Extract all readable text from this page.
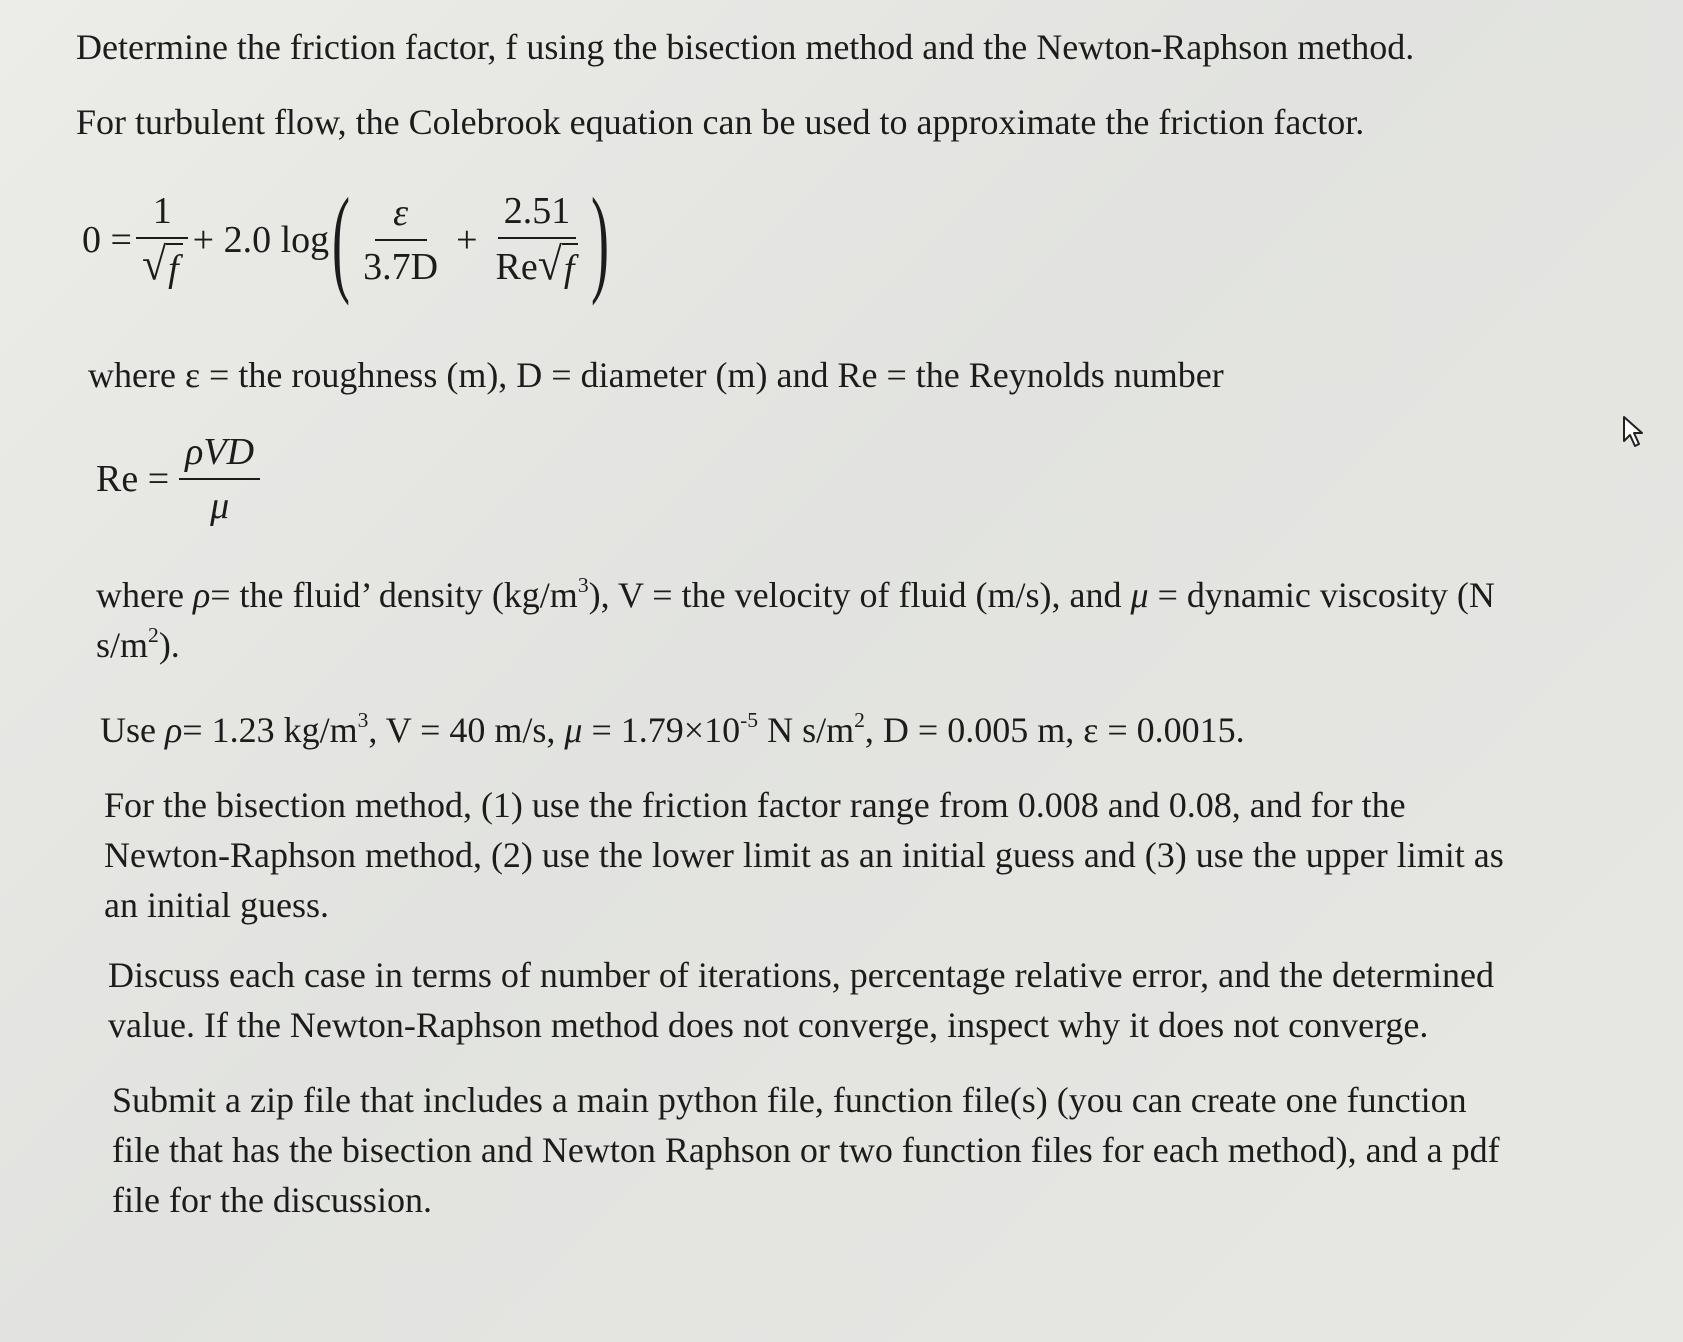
Determine the friction factor, f using the bisection method and the Newton-Raphson method.

For turbulent flow, the Colebrook equation can be used to approximate the friction factor.

$0 = \frac{1}{√ f} + 2.0$ log ( $\frac{\varepsilon}{3.7D} + \frac{2.51}{Re √ f}$ )

where ε = the roughness (m), D = diameter (m) and Re = the Reynolds number

$Re = \frac{\text{ρVD}}{\mu}$

where ρ= the fluid’ density $(kg/m^3)$, V = the velocity of fluid (m/s), and μ = dynamic viscosity (N
$s/m^2$).

Use ρ= 1.23 $kg/m^3$, V = 40 m/s, $\mu = 1.79\times 10^{-5}$ N $s/m^2$, D = 0.005 m, ε = 0.0015.

For the bisection method, (1) use the friction factor range from 0.008 and 0.08, and for the
Newton-Raphson method, (2) use the lower limit as an initial guess and (3) use the upper limit as
an initial guess.

Discuss each case in terms of number of iterations, percentage relative error, and the determined
value. If the Newton-Raphson method does not converge, inspect why it does not converge.

Submit a zip file that includes a main python file, function file(s) (you can create one function
file that has the bisection and Newton Raphson or two function files for each method), and a pdf
file for the discussion.
